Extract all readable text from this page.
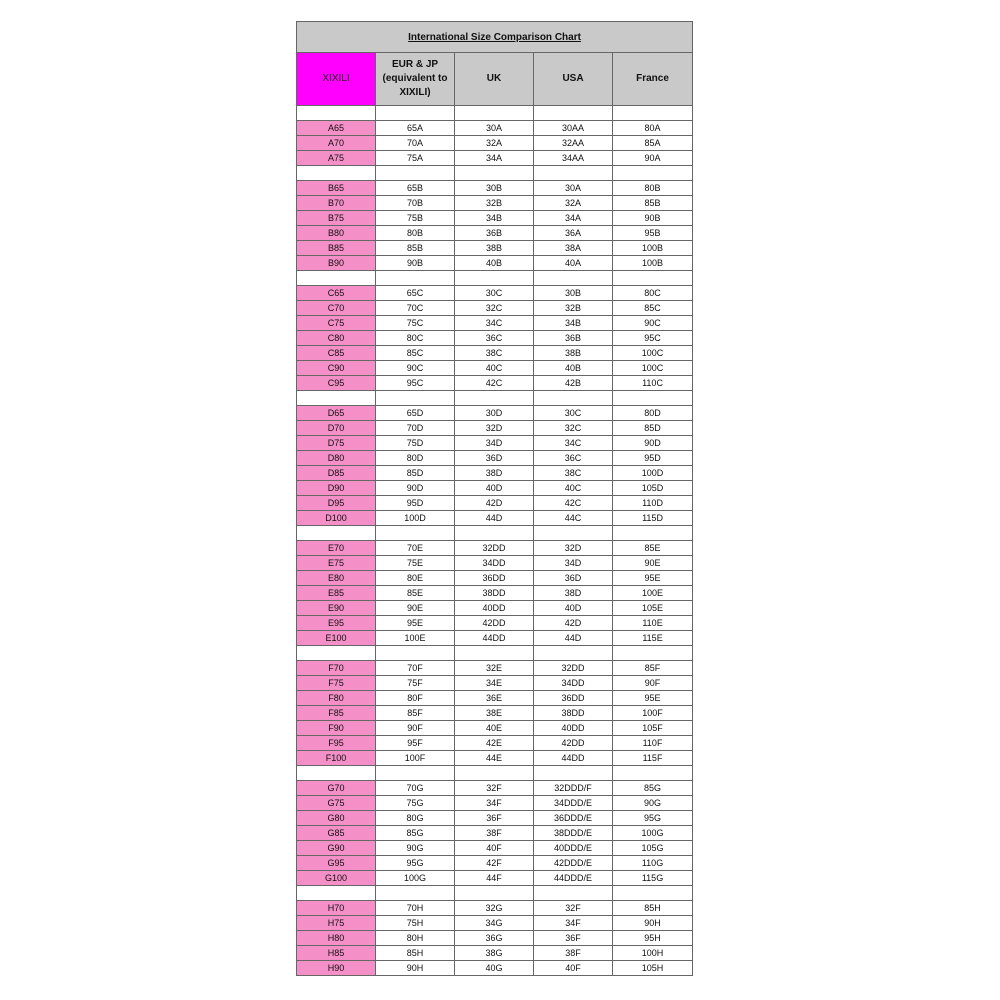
International Size Comparison Chart				
XIXILI	EUR & JP (equivalent to XIXILI)	UK	USA	France

A65	65A	30A	30AA	80A
A70	70A	32A	32AA	85A
A75	75A	34A	34AA	90A

B65	65B	30B	30A	80B
B70	70B	32B	32A	85B
B75	75B	34B	34A	90B
B80	80B	36B	36A	95B
B85	85B	38B	38A	100B
B90	90B	40B	40A	100B

C65	65C	30C	30B	80C
C70	70C	32C	32B	85C
C75	75C	34C	34B	90C
C80	80C	36C	36B	95C
C85	85C	38C	38B	100C
C90	90C	40C	40B	100C
C95	95C	42C	42B	110C

D65	65D	30D	30C	80D
D70	70D	32D	32C	85D
D75	75D	34D	34C	90D
D80	80D	36D	36C	95D
D85	85D	38D	38C	100D
D90	90D	40D	40C	105D
D95	95D	42D	42C	110D
D100	100D	44D	44C	115D

E70	70E	32DD	32D	85E
E75	75E	34DD	34D	90E
E80	80E	36DD	36D	95E
E85	85E	38DD	38D	100E
E90	90E	40DD	40D	105E
E95	95E	42DD	42D	110E
E100	100E	44DD	44D	115E

F70	70F	32E	32DD	85F
F75	75F	34E	34DD	90F
F80	80F	36E	36DD	95E
F85	85F	38E	38DD	100F
F90	90F	40E	40DD	105F
F95	95F	42E	42DD	110F
F100	100F	44E	44DD	115F

G70	70G	32F	32DDD/F	85G
G75	75G	34F	34DDD/E	90G
G80	80G	36F	36DDD/E	95G
G85	85G	38F	38DDD/E	100G
G90	90G	40F	40DDD/E	105G
G95	95G	42F	42DDD/E	110G
G100	100G	44F	44DDD/E	115G

H70	70H	32G	32F	85H
H75	75H	34G	34F	90H
H80	80H	36G	36F	95H
H85	85H	38G	38F	100H
H90	90H	40G	40F	105H
